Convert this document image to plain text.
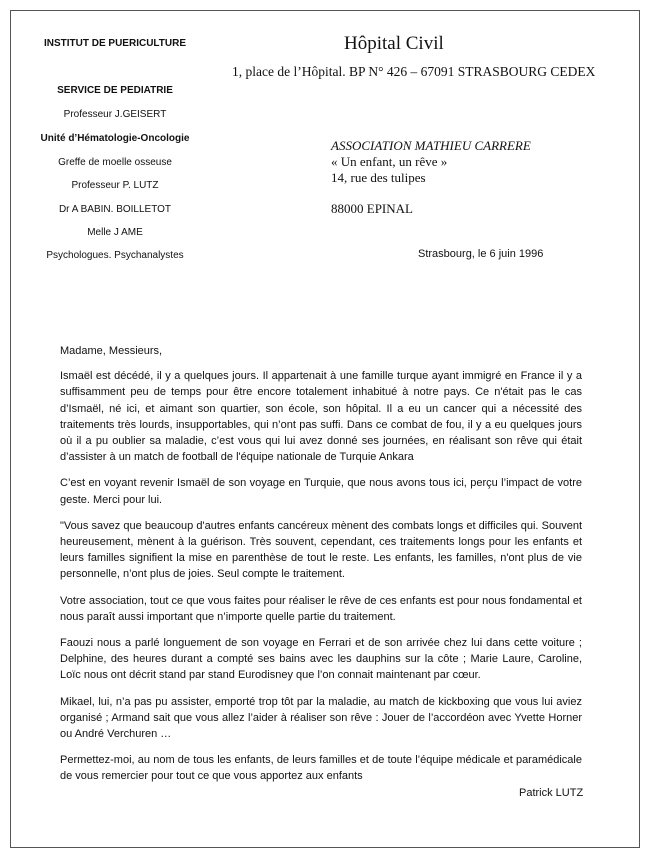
INSTITUT DE PUERICULTURE
SERVICE DE PEDIATRIE
Professeur J.GEISERT
Unité d’Hématologie-Oncologie
Greffe de moelle osseuse
Professeur P. LUTZ
Dr A BABIN. BOILLETOT
Melle J AME
Psychologues. Psychanalystes
Hôpital Civil
1, place de l’Hôpital. BP N° 426 – 67091 STRASBOURG CEDEX
ASSOCIATION MATHIEU CARRERE
« Un enfant, un rêve »
14, rue des tulipes
88000 EPINAL
Strasbourg, le 6 juin 1996

Madame, Messieurs,

Ismaël est décédé, il y a quelques jours. Il appartenait à une famille turque ayant immigré en France il y a suffisamment peu de temps pour être encore totalement inhabitué à notre pays. Ce n'était pas le cas d’Ismaël, né ici, et aimant son quartier, son école, son hôpital. Il a eu un cancer qui a nécessité des traitements très lourds, insupportables, qui n’ont pas suffi. Dans ce combat de fou, il y a eu quelques jours où il a pu oublier sa maladie, c’est vous qui lui avez donné ses journées, en réalisant son rêve qui était d’assister à un match de football de l'équipe nationale de Turquie Ankara

C’est en voyant revenir Ismaël de son voyage en Turquie, que nous avons tous ici, perçu l’impact de votre geste. Merci pour lui.

"Vous savez que beaucoup d'autres enfants cancéreux mènent des combats longs et difficiles qui. Souvent heureusement, mènent à la guérison. Très souvent, cependant, ces traitements longs pour les enfants et leurs familles signifient la mise en parenthèse de tout le reste. Les enfants, les familles, n'ont plus de vie personnelle, n’ont plus de joies. Seul compte le traitement.

Votre association, tout ce que vous faites pour réaliser le rêve de ces enfants est pour nous fondamental et nous paraît aussi important que n’importe quelle partie du traitement.

Faouzi nous a parlé longuement de son voyage en Ferrari et de son arrivée chez lui dans cette voiture ; Delphine, des heures durant a compté ses bains avec les dauphins sur la côte ; Marie Laure, Caroline, Loïc nous ont décrit stand par stand Eurodisney que l’on connait maintenant par cœur.

Mikael, lui, n’a pas pu assister, emporté trop tôt par la maladie, au match de kickboxing que vous lui aviez organisé ; Armand sait que vous allez l’aider à réaliser son rêve : Jouer de l’accordéon avec Yvette Horner ou André Verchuren …

Permettez-moi, au nom de tous les enfants, de leurs familles et de toute l’équipe médicale et paramédicale de vous remercier pour tout ce que vous apportez aux enfants

Patrick LUTZ
